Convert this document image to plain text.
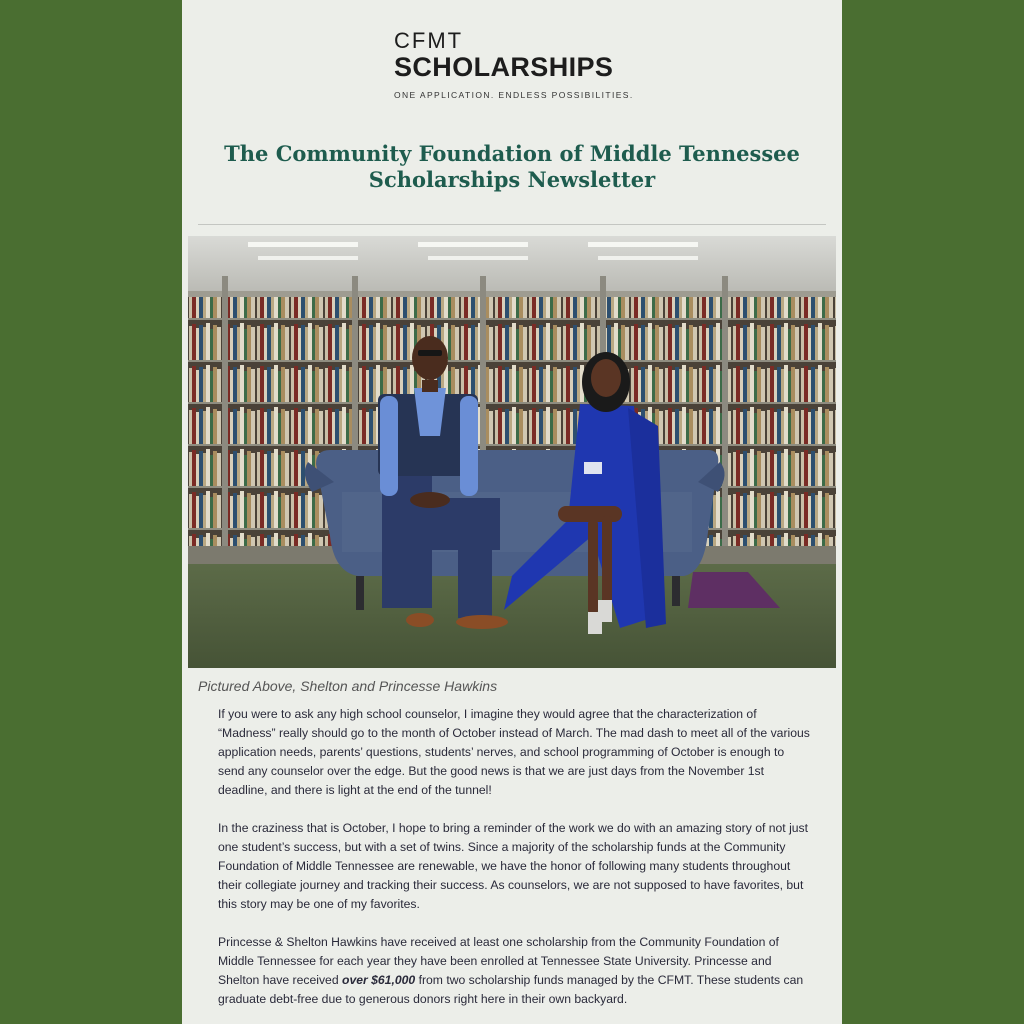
CFMT
SCHOLARSHIPS
ONE APPLICATION. ENDLESS POSSIBILITIES.
The Community Foundation of Middle Tennessee
Scholarships Newsletter
Pictured Above, Shelton and Princesse Hawkins

If you were to ask any high school counselor, I imagine they would agree that the characterization of “Madness” really should go to the month of October instead of March. The mad dash to meet all of the various application needs, parents’ questions, students’ nerves, and school programming of October is enough to send any counselor over the edge. But the good news is that we are just days from the November 1st deadline, and there is light at the end of the tunnel!

In the craziness that is October, I hope to bring a reminder of the work we do with an amazing story of not just one student’s success, but with a set of twins. Since a majority of the scholarship funds at the Community Foundation of Middle Tennessee are renewable, we have the honor of following many students throughout their collegiate journey and tracking their success. As counselors, we are not supposed to have favorites, but this story may be one of my favorites.

Princesse & Shelton Hawkins have received at least one scholarship from the Community Foundation of Middle Tennessee for each year they have been enrolled at Tennessee State University. Princesse and Shelton have received over $61,000 from two scholarship funds managed by the CFMT. These students can graduate debt-free due to generous donors right here in their own backyard.
